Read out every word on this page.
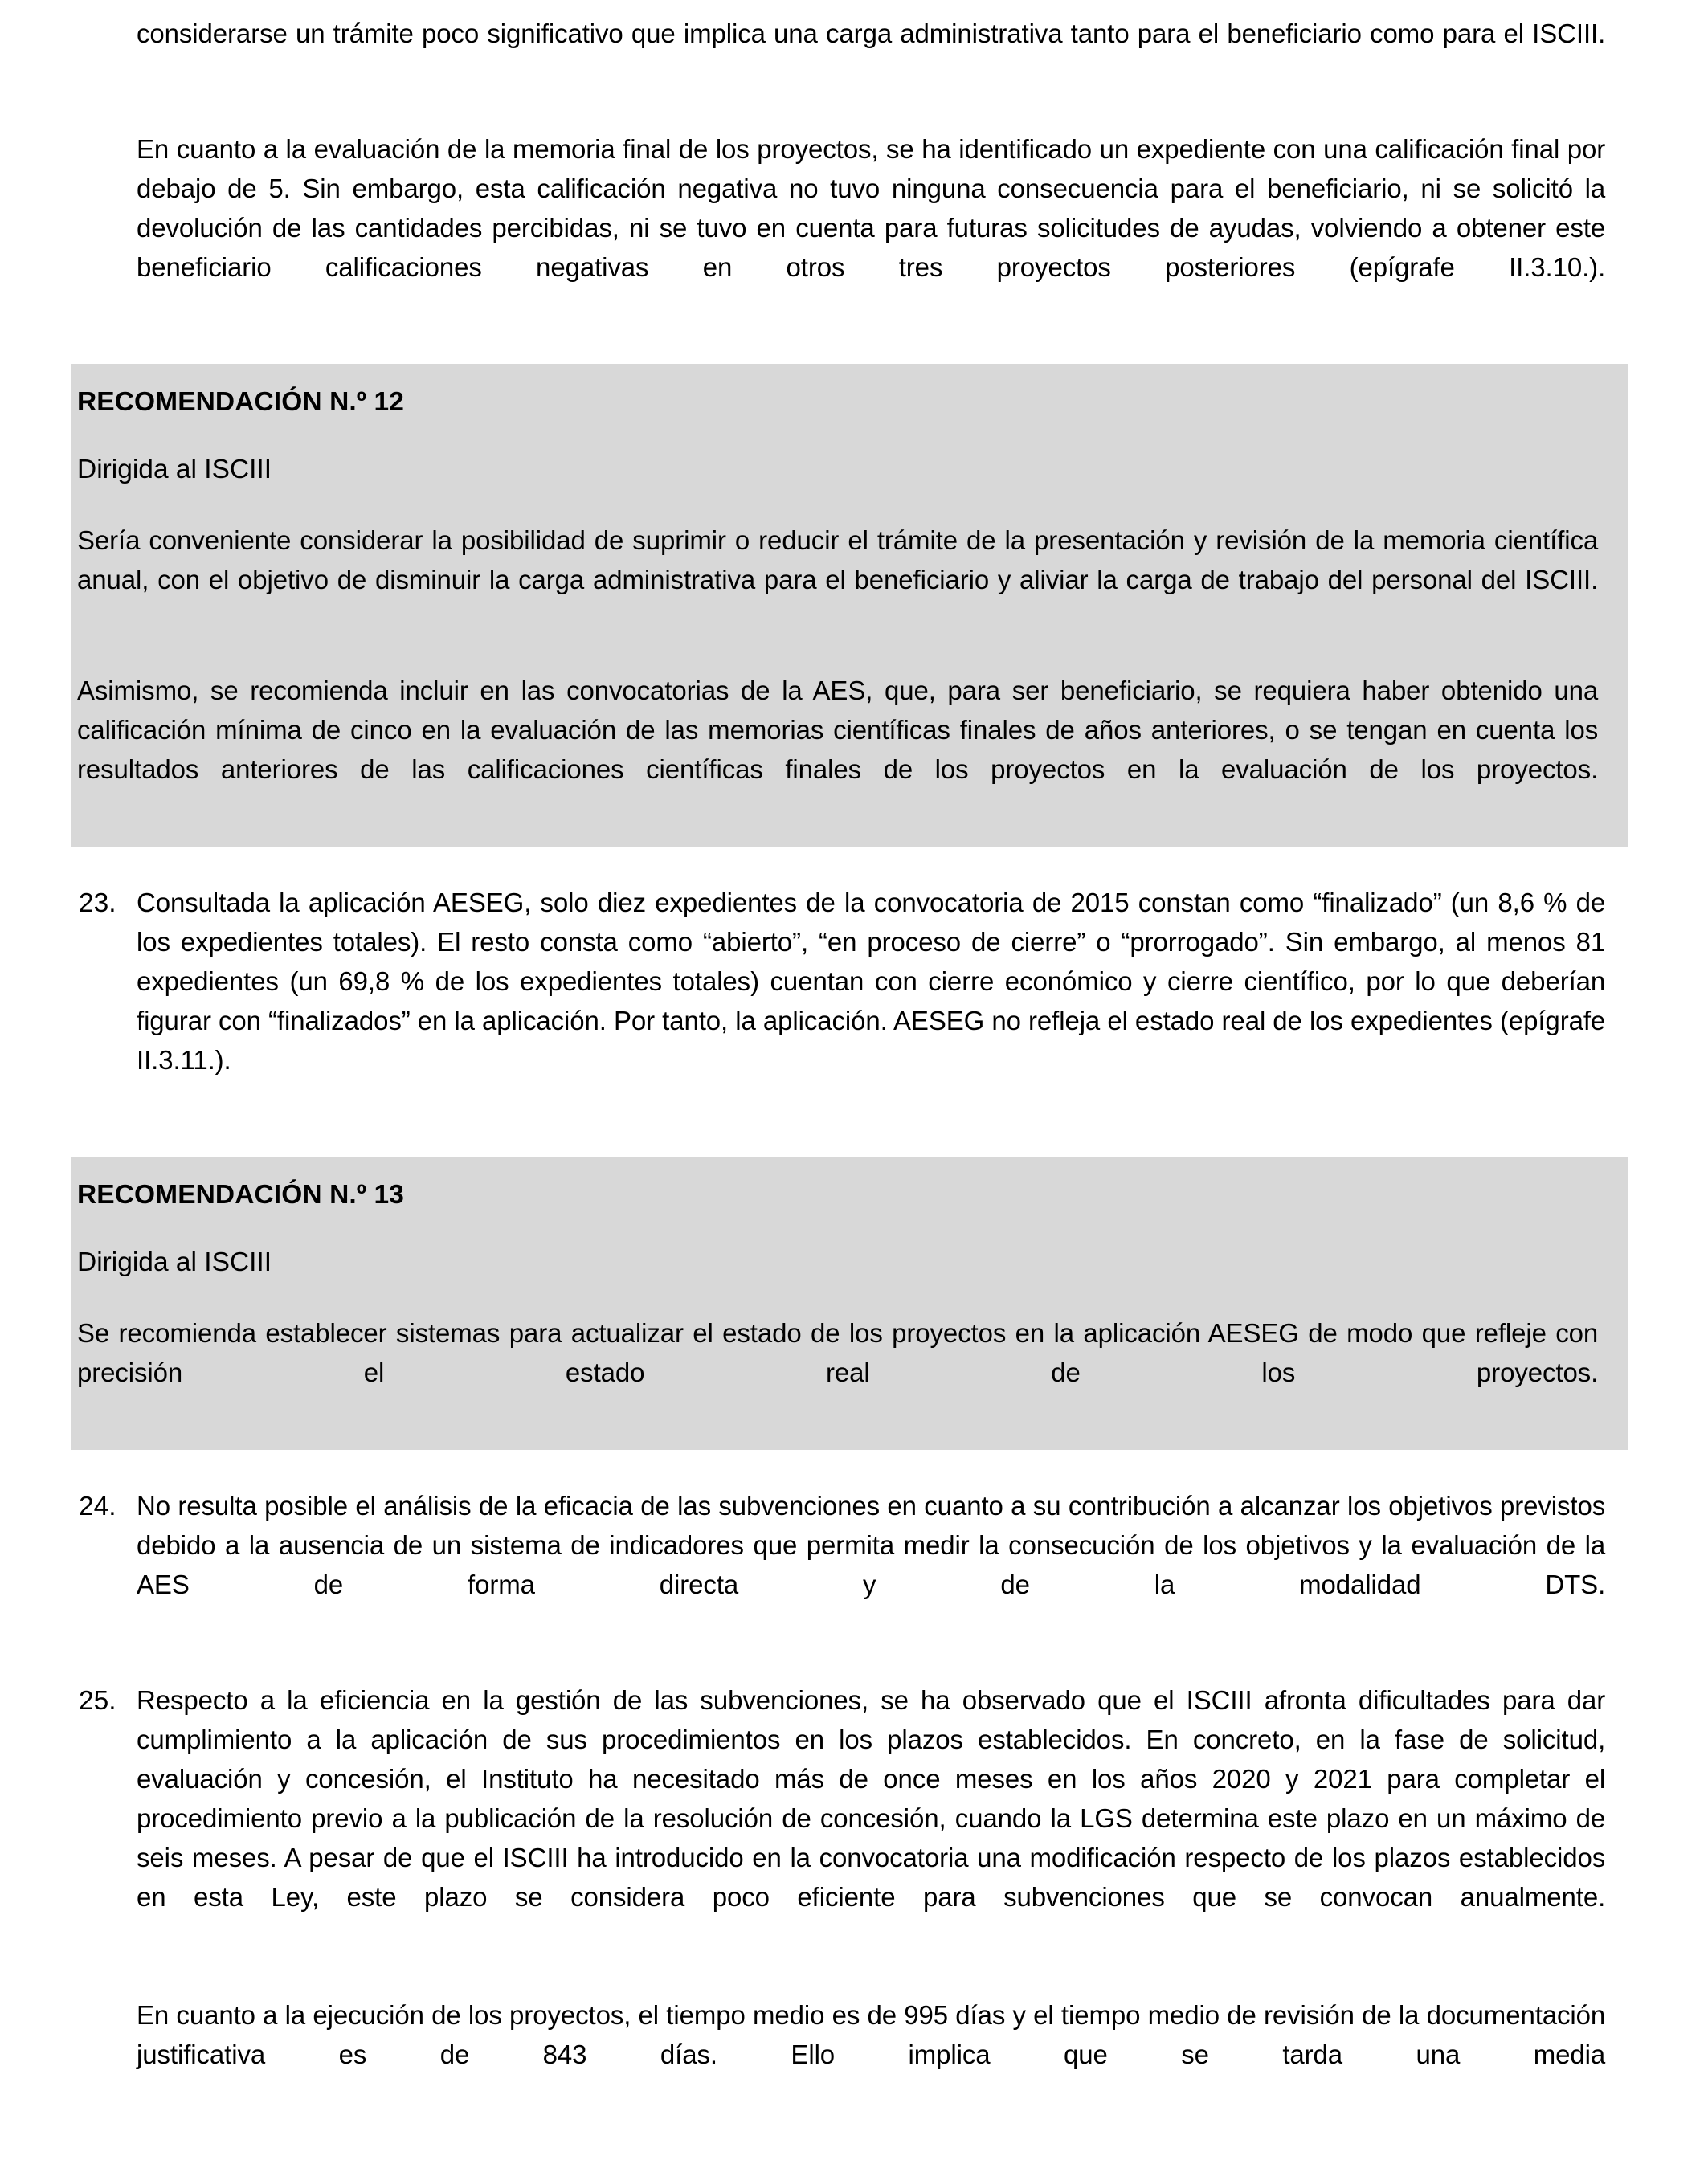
considerarse un trámite poco significativo que implica una carga administrativa tanto para el beneficiario como para el ISCIII.
En cuanto a la evaluación de la memoria final de los proyectos, se ha identificado un expediente con una calificación final por debajo de 5. Sin embargo, esta calificación negativa no tuvo ninguna consecuencia para el beneficiario, ni se solicitó la devolución de las cantidades percibidas, ni se tuvo en cuenta para futuras solicitudes de ayudas, volviendo a obtener este beneficiario calificaciones negativas en otros tres proyectos posteriores (epígrafe II.3.10.).
RECOMENDACIÓN N.º 12
Dirigida al ISCIII
Sería conveniente considerar la posibilidad de suprimir o reducir el trámite de la presentación y revisión de la memoria científica anual, con el objetivo de disminuir la carga administrativa para el beneficiario y aliviar la carga de trabajo del personal del ISCIII.
Asimismo, se recomienda incluir en las convocatorias de la AES, que, para ser beneficiario, se requiera haber obtenido una calificación mínima de cinco en la evaluación de las memorias científicas finales de años anteriores, o se tengan en cuenta los resultados anteriores de las calificaciones científicas finales de los proyectos en la evaluación de los proyectos.
23. Consultada la aplicación AESEG, solo diez expedientes de la convocatoria de 2015 constan como “finalizado” (un 8,6 % de los expedientes totales). El resto consta como “abierto”, “en proceso de cierre” o “prorrogado”. Sin embargo, al menos 81 expedientes (un 69,8 % de los expedientes totales) cuentan con cierre económico y cierre científico, por lo que deberían figurar con “finalizados” en la aplicación. Por tanto, la aplicación. AESEG no refleja el estado real de los expedientes (epígrafe II.3.11.).

RECOMENDACIÓN N.º 13
Dirigida al ISCIII
Se recomienda establecer sistemas para actualizar el estado de los proyectos en la aplicación AESEG de modo que refleje con precisión el estado real de los proyectos.
24. No resulta posible el análisis de la eficacia de las subvenciones en cuanto a su contribución a alcanzar los objetivos previstos debido a la ausencia de un sistema de indicadores que permita medir la consecución de los objetivos y la evaluación de la AES de forma directa y de la modalidad DTS.

25. Respecto a la eficiencia en la gestión de las subvenciones, se ha observado que el ISCIII afronta dificultades para dar cumplimiento a la aplicación de sus procedimientos en los plazos establecidos. En concreto, en la fase de solicitud, evaluación y concesión, el Instituto ha necesitado más de once meses en los años 2020 y 2021 para completar el procedimiento previo a la publicación de la resolución de concesión, cuando la LGS determina este plazo en un máximo de seis meses. A pesar de que el ISCIII ha introducido en la convocatoria una modificación respecto de los plazos establecidos en esta Ley, este plazo se considera poco eficiente para subvenciones que se convocan anualmente.

En cuanto a la ejecución de los proyectos, el tiempo medio es de 995 días y el tiempo medio de revisión de la documentación justificativa es de 843 días. Ello implica que se tarda una media
